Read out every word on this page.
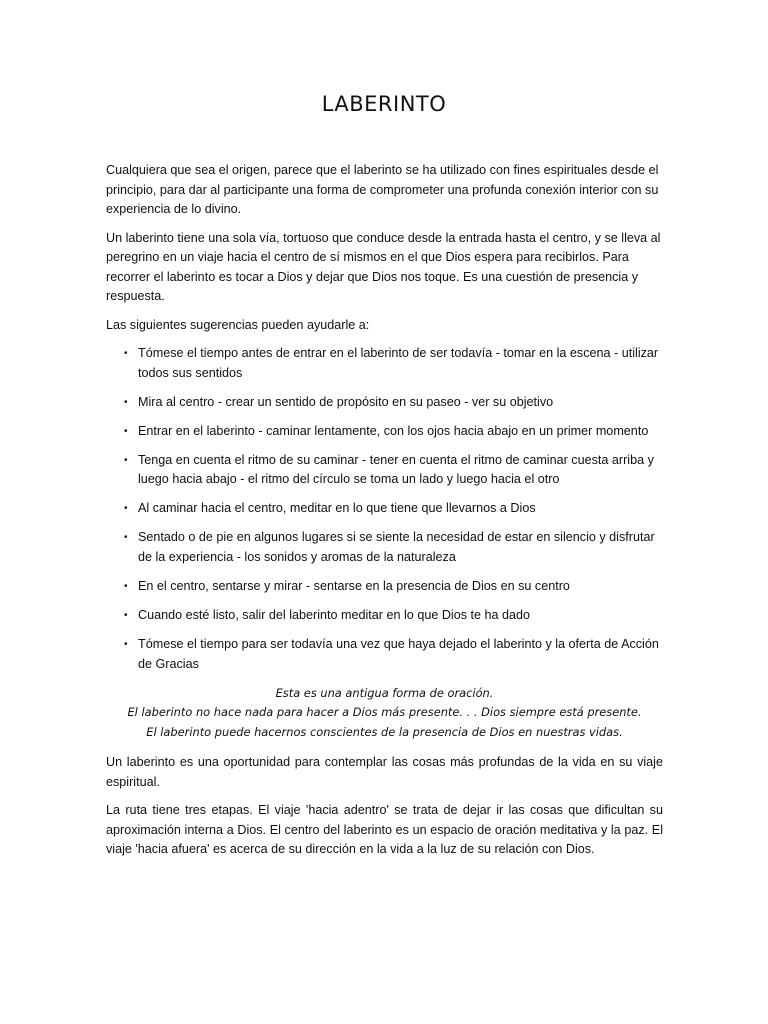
LABERINTO

Cualquiera que sea el origen, parece que el laberinto se ha utilizado con fines espirituales desde el principio, para dar al participante una forma de comprometer una profunda conexión interior con su experiencia de lo divino.

Un laberinto tiene una sola vía, tortuoso que conduce desde la entrada hasta el centro, y se lleva al peregrino en un viaje hacia el centro de sí mismos en el que Dios espera para recibirlos. Para recorrer el laberinto es tocar a Dios y dejar que Dios nos toque. Es una cuestión de presencia y respuesta.

Las siguientes sugerencias pueden ayudarle a:

• Tómese el tiempo antes de entrar en el laberinto de ser todavía - tomar en la escena - utilizar todos sus sentidos
• Mira al centro - crear un sentido de propósito en su paseo - ver su objetivo
• Entrar en el laberinto - caminar lentamente, con los ojos hacia abajo en un primer momento
• Tenga en cuenta el ritmo de su caminar - tener en cuenta el ritmo de caminar cuesta arriba y luego hacia abajo - el ritmo del círculo se toma un lado y luego hacia el otro
• Al caminar hacia el centro, meditar en lo que tiene que llevarnos a Dios
• Sentado o de pie en algunos lugares si se siente la necesidad de estar en silencio y disfrutar de la experiencia - los sonidos y aromas de la naturaleza
• En el centro, sentarse y mirar - sentarse en la presencia de Dios en su centro
• Cuando esté listo, salir del laberinto meditar en lo que Dios te ha dado
• Tómese el tiempo para ser todavía una vez que haya dejado el laberinto y la oferta de Acción de Gracias
Esta es una antigua forma de oración.
El laberinto no hace nada para hacer a Dios más presente. . . Dios siempre está presente.
El laberinto puede hacernos conscientes de la presencia de Dios en nuestras vidas.

Un laberinto es una oportunidad para contemplar las cosas más profundas de la vida en su viaje espiritual.

La ruta tiene tres etapas. El viaje 'hacia adentro' se trata de dejar ir las cosas que dificultan su aproximación interna a Dios. El centro del laberinto es un espacio de oración meditativa y la paz. El viaje 'hacia afuera' es acerca de su dirección en la vida a la luz de su relación con Dios.
